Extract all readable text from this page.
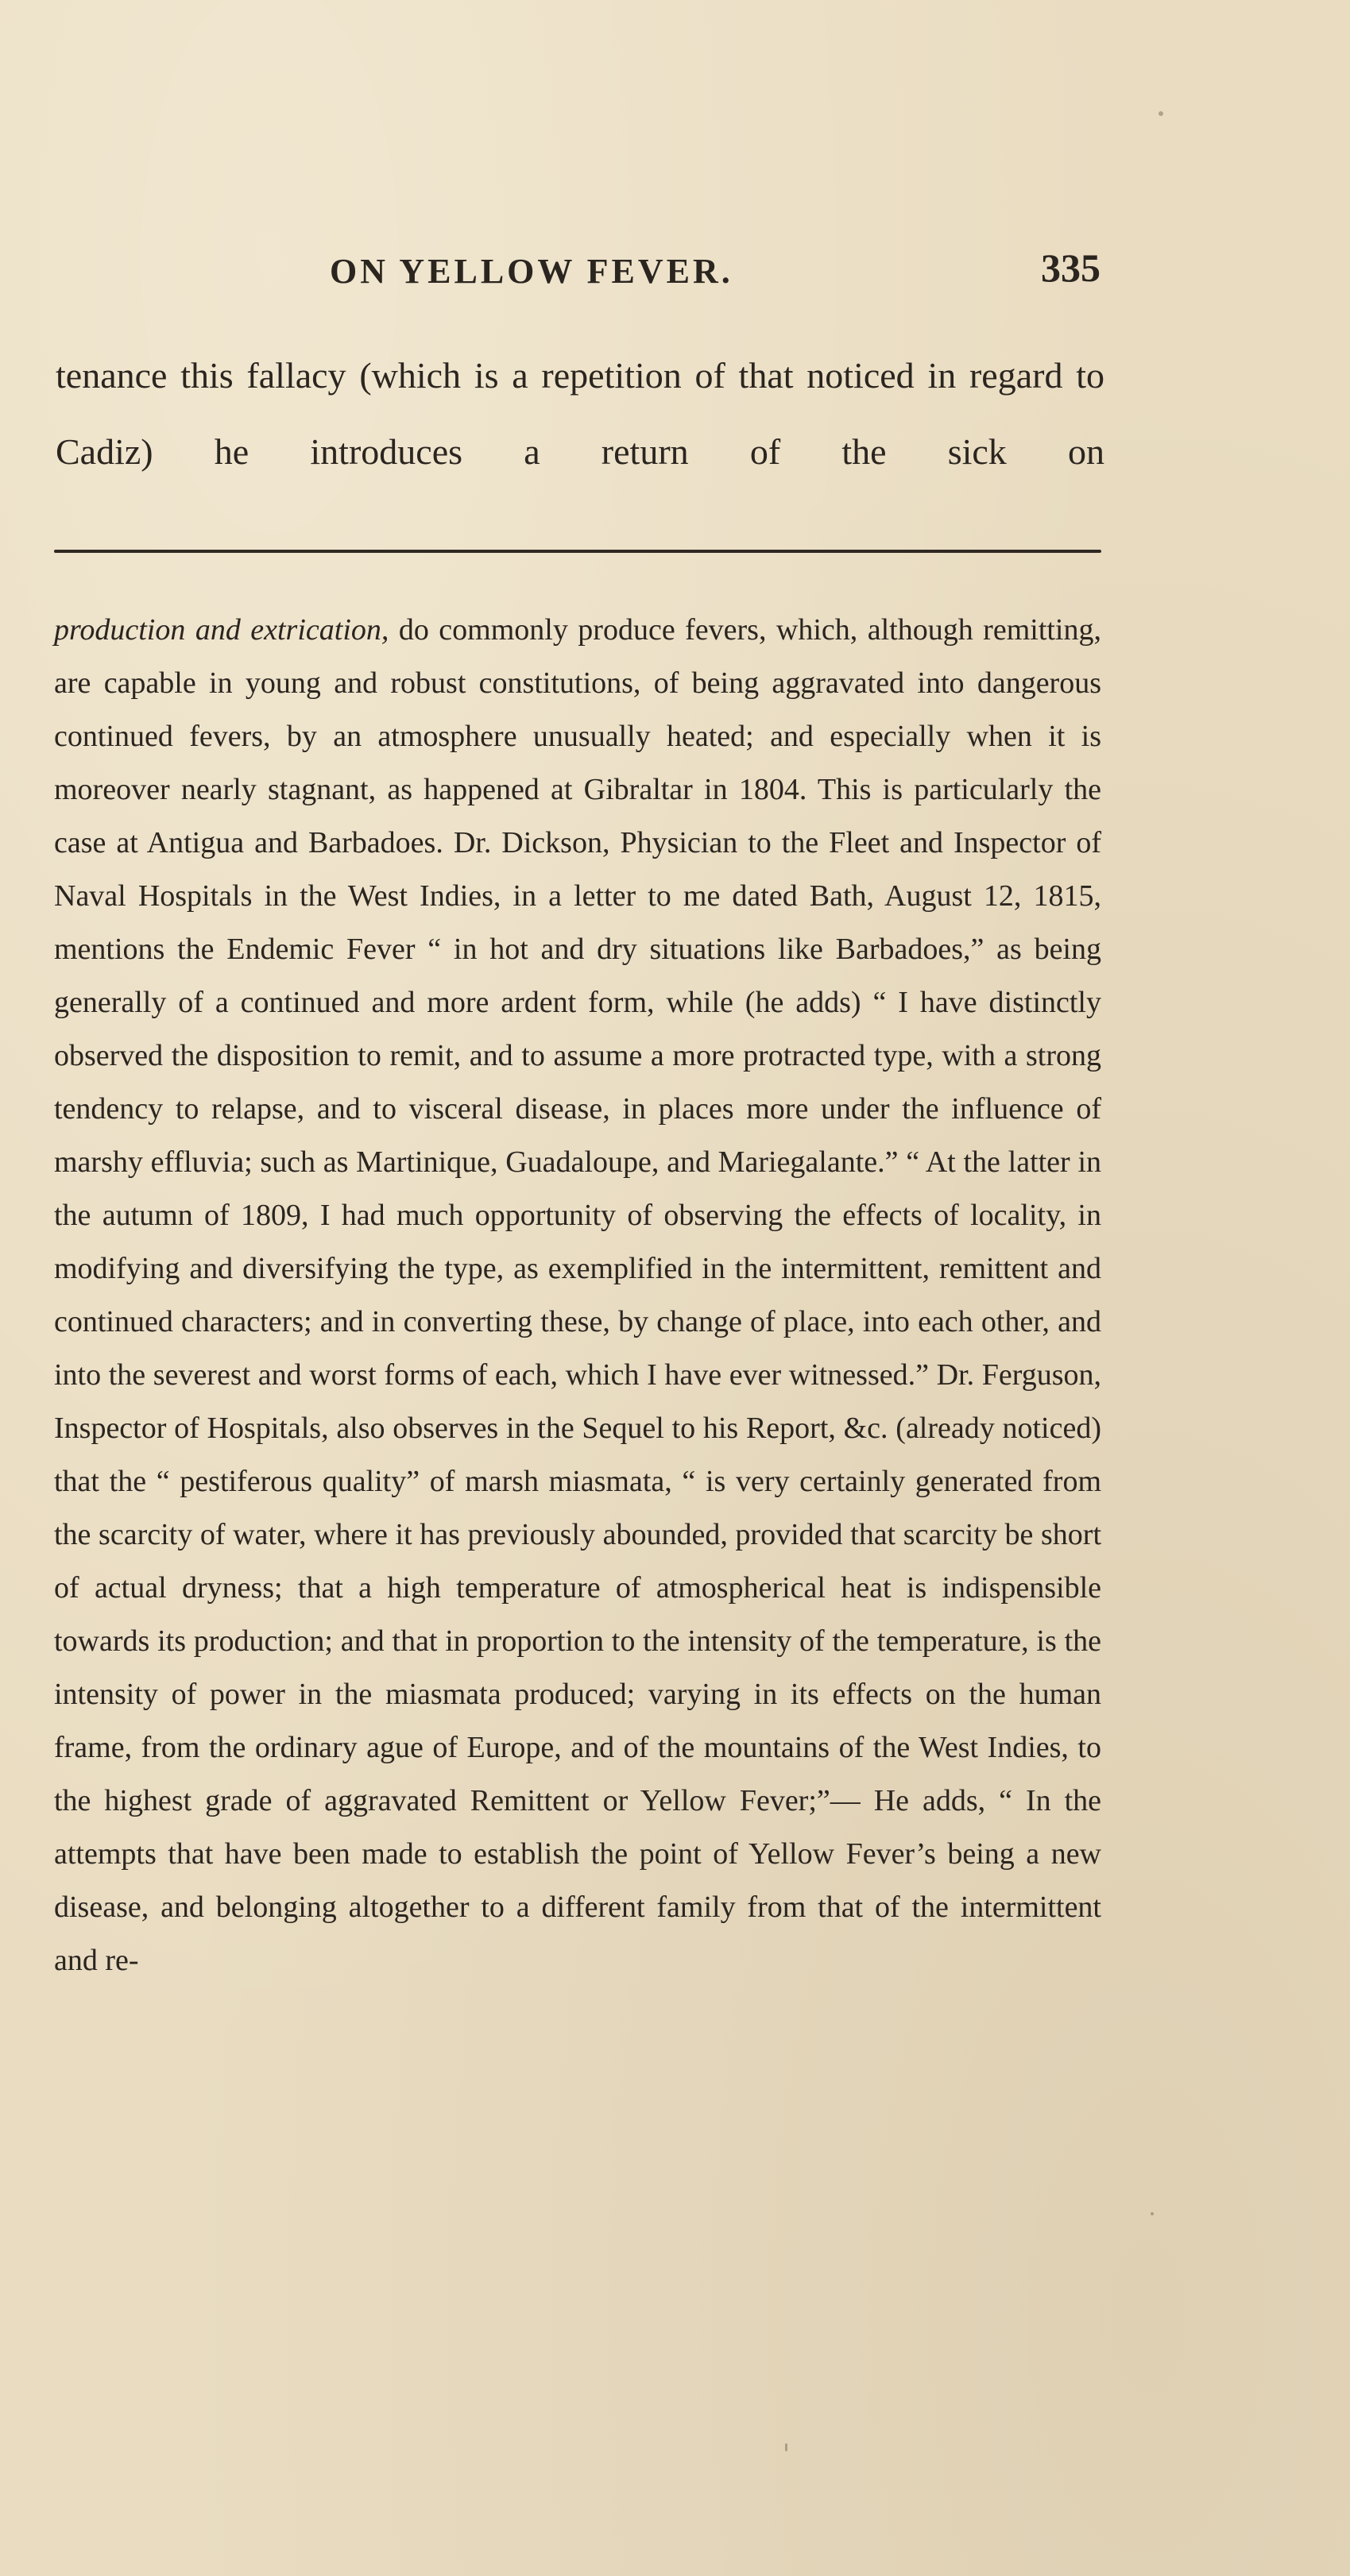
ON YELLOW FEVER.	335

tenance this fallacy (which is a repetition of that noticed in regard to Cadiz) he introduces a return of the sick on

production and extrication, do commonly produce fevers, which, although remitting, are capable in young and robust constitutions, of being aggravated into dangerous continued fevers, by an atmosphere unusually heated; and especially when it is moreover nearly stagnant, as happened at Gibraltar in 1804. This is particularly the case at Antigua and Barbadoes. Dr. Dickson, Physician to the Fleet and Inspector of Naval Hospitals in the West Indies, in a letter to me dated Bath, August 12, 1815, mentions the Endemic Fever “ in hot and dry situations like Barbadoes,” as being generally of a continued and more ardent form, while (he adds) “ I have distinctly observed the disposition to remit, and to assume a more protracted type, with a strong tendency to relapse, and to visceral disease, in places more under the influence of marshy effluvia; such as Martinique, Guadaloupe, and Mariegalante.” “ At the latter in the autumn of 1809, I had much opportunity of observing the effects of locality, in modifying and diversifying the type, as exemplified in the intermittent, remittent and continued characters; and in converting these, by change of place, into each other, and into the severest and worst forms of each, which I have ever witnessed.” Dr. Ferguson, Inspector of Hospitals, also observes in the Sequel to his Report, &c. (already noticed) that the “ pestiferous quality” of marsh miasmata, “ is very certainly generated from the scarcity of water, where it has previously abounded, provided that scarcity be short of actual dryness; that a high temperature of atmospherical heat is indispensible towards its production; and that in proportion to the intensity of the temperature, is the intensity of power in the miasmata produced; varying in its effects on the human frame, from the ordinary ague of Europe, and of the mountains of the West Indies, to the highest grade of aggravated Remittent or Yellow Fever;”— He adds, “ In the attempts that have been made to establish the point of Yellow Fever’s being a new disease, and belonging altogether to a different family from that of the intermittent and re-
